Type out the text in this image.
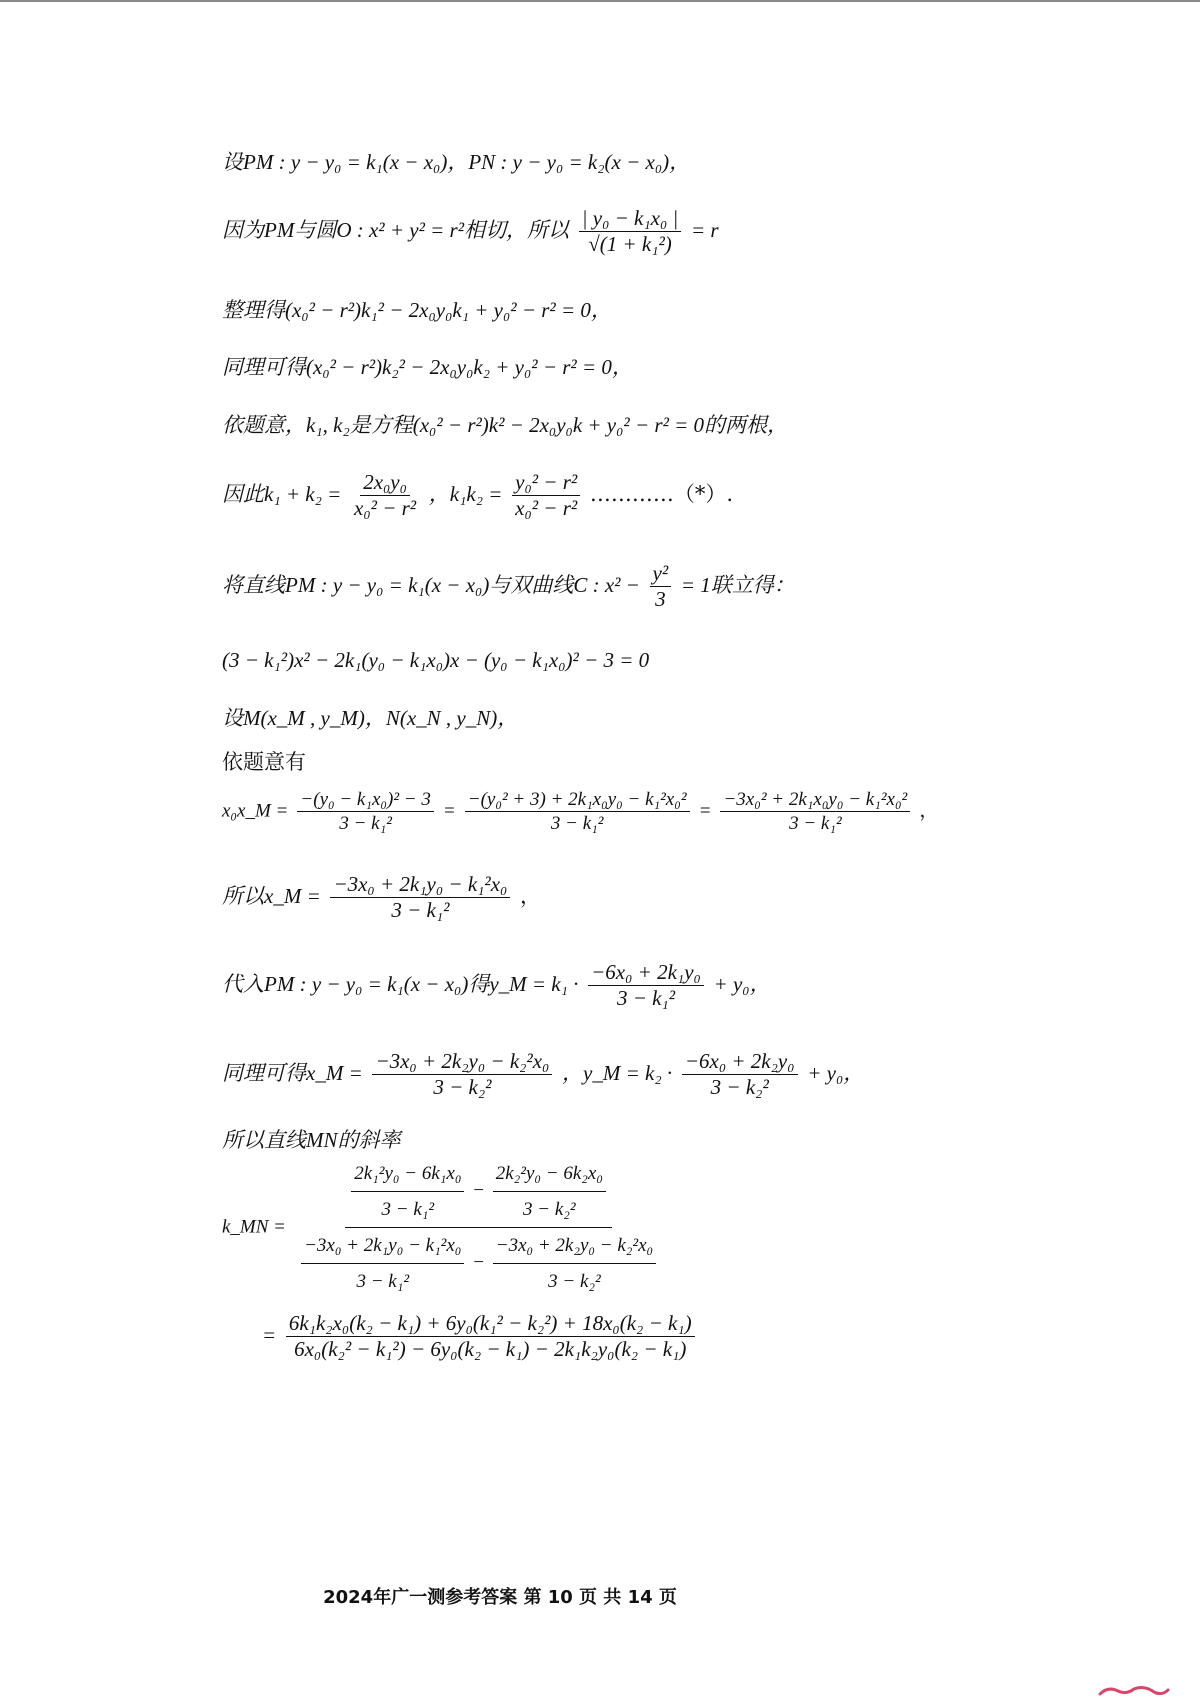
设PM : y − y₀ = k₁(x − x₀)，PN : y − y₀ = k₂(x − x₀)，
因为PM与圆O : x² + y² = r²相切，所以 $\frac{\text{| y₀ − k₁x₀ |}}{\text{√(1 + k₁²)}} = r$
整理得(x₀² − r²)k₁² − 2x₀y₀k₁ + y₀² − r² = 0，
同理可得(x₀² − r²)k₂² − 2x₀y₀k₂ + y₀² − r² = 0，
依题意，k₁, k₂是方程(x₀² − r²)k² − 2x₀y₀k + y₀² − r² = 0的两根，
因此$k_1 + k_2 = \frac{\text{2x₀y₀}}{\text{x₀² − r²}}$ ，$k_1k_2 = \frac{\text{y₀² − r²}}{\text{x₀² − r²}}$ …………（*）.
将直线PM : y − y₀ = k₁(x − x₀)与双曲线C : $x^2 - \frac{\text{y²}}{3} = 1$联立得：
(3 − k₁²)x² − 2k₁(y₀ − k₁x₀)x − (y₀ − k₁x₀)² − 3 = 0
设M(x_M , y_M)，N(x_N , y_N)，
依题意有
x₀x_M = $\frac{\text{−(y₀ − k₁x₀)² − 3}}{\text{3 − k₁²}} = \frac{\text{−(y₀² + 3) + 2k₁x₀y₀ − k₁²x₀²}}{\text{3 − k₁²}} = \frac{\text{−3x₀² + 2k₁x₀y₀ − k₁²x₀²}}{\text{3 − k₁²}}$ ，
所以x_M = $\frac{\text{−3x₀ + 2k₁y₀ − k₁²x₀}}{\text{3 − k₁²}}$ ，
代入PM : y − y₀ = k₁(x − x₀)得y_M = $k_1 \cdot \frac{\text{−6x₀ + 2k₁y₀}}{\text{3 − k₁²}} + y_0$，
同理可得x_M = $\frac{\text{−3x₀ + 2k₂y₀ − k₂²x₀}}{\text{3 − k₂²}}$ ，y_M = $k_2 \cdot \frac{\text{−6x₀ + 2k₂y₀}}{\text{3 − k₂²}} + y_0$，
所以直线MN的斜率
k_MN =
$\frac{\text{2k₁²y₀ − 6k₁x₀}}{\text{3 − k₁²}} - \frac{\text{2k₂²y₀ − 6k₂x₀}}{\text{3 − k₂²}}$
$\frac{\text{−3x₀ + 2k₁y₀ − k₁²x₀}}{\text{3 − k₁²}} - \frac{\text{−3x₀ + 2k₂y₀ − k₂²x₀}}{\text{3 − k₂²}}$
= $\frac{\text{6k₁k₂x₀(k₂ − k₁) + 6y₀(k₁² − k₂²) + 18x₀(k₂ − k₁)}}{\text{6x₀(k₂² − k₁²) − 6y₀(k₂ − k₁) − 2k₁k₂y₀(k₂ − k₁)}}$
2024年广一测参考答案 第 10 页 共 14 页
